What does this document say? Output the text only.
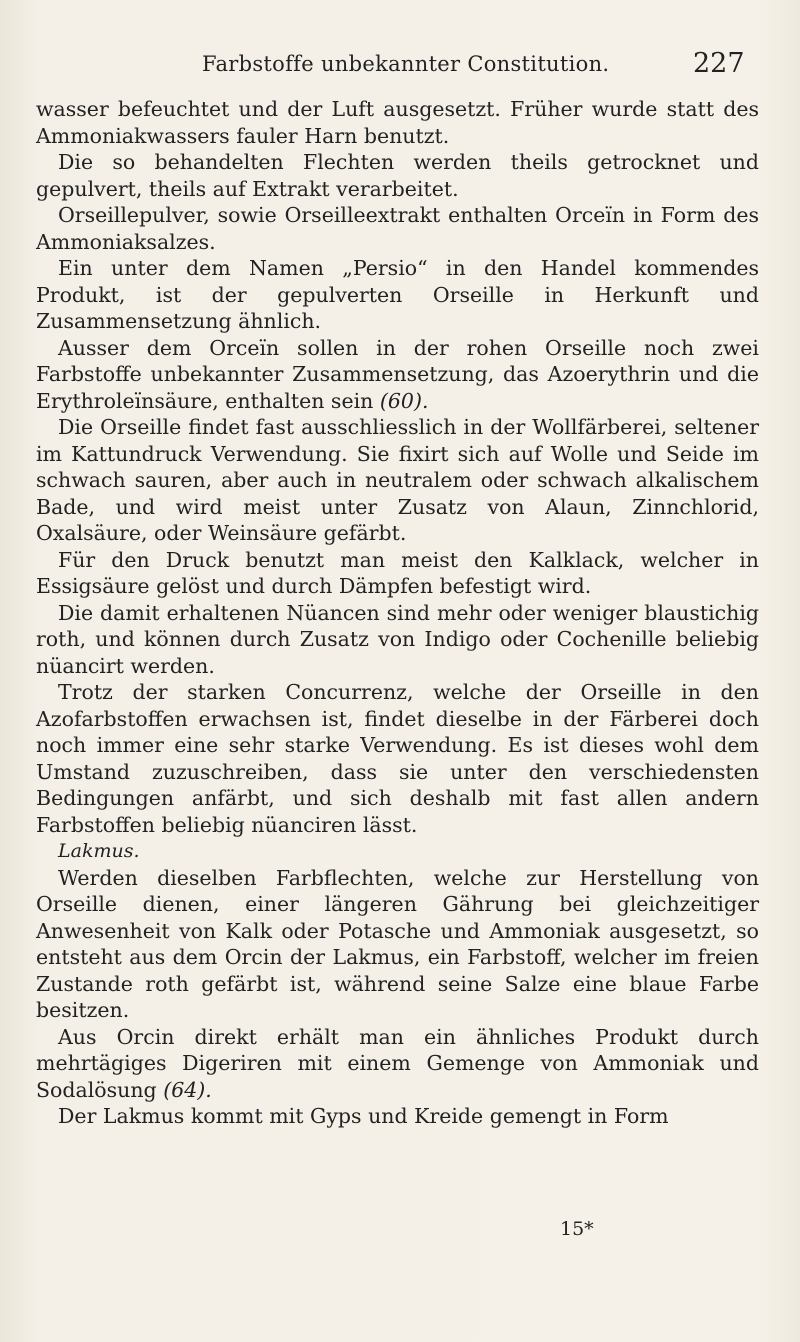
Farbstoffe unbekannter Constitution.	227

wasser befeuchtet und der Luft ausgesetzt. Früher wurde statt des Ammoniakwassers fauler Harn benutzt.

Die so behandelten Flechten werden theils getrocknet und gepulvert, theils auf Extrakt verarbeitet.

Orseillepulver, sowie Orseilleextrakt enthalten Orceïn in Form des Ammoniaksalzes.

Ein unter dem Namen „Persio“ in den Handel kommendes Produkt, ist der gepulverten Orseille in Herkunft und Zusammensetzung ähnlich.

Ausser dem Orceïn sollen in der rohen Orseille noch zwei Farbstoffe unbekannter Zusammensetzung, das Azoerythrin und die Erythroleïnsäure, enthalten sein (60).

Die Orseille findet fast ausschliesslich in der Wollfärberei, seltener im Kattundruck Verwendung. Sie fixirt sich auf Wolle und Seide im schwach sauren, aber auch in neutralem oder schwach alkalischem Bade, und wird meist unter Zusatz von Alaun, Zinnchlorid, Oxalsäure, oder Weinsäure gefärbt.

Für den Druck benutzt man meist den Kalklack, welcher in Essigsäure gelöst und durch Dämpfen befestigt wird.

Die damit erhaltenen Nüancen sind mehr oder weniger blaustichig roth, und können durch Zusatz von Indigo oder Cochenille beliebig nüancirt werden.

Trotz der starken Concurrenz, welche der Orseille in den Azofarbstoffen erwachsen ist, findet dieselbe in der Färberei doch noch immer eine sehr starke Verwendung. Es ist dieses wohl dem Umstand zuzuschreiben, dass sie unter den verschiedensten Bedingungen anfärbt, und sich deshalb mit fast allen andern Farbstoffen beliebig nüanciren lässt.

Lakmus.

Werden dieselben Farbflechten, welche zur Herstellung von Orseille dienen, einer längeren Gährung bei gleichzeitiger Anwesenheit von Kalk oder Potasche und Ammoniak ausgesetzt, so entsteht aus dem Orcin der Lakmus, ein Farbstoff, welcher im freien Zustande roth gefärbt ist, während seine Salze eine blaue Farbe besitzen.

Aus Orcin direkt erhält man ein ähnliches Produkt durch mehrtägiges Digeriren mit einem Gemenge von Ammoniak und Sodalösung (64).

Der Lakmus kommt mit Gyps und Kreide gemengt in Form

15*
